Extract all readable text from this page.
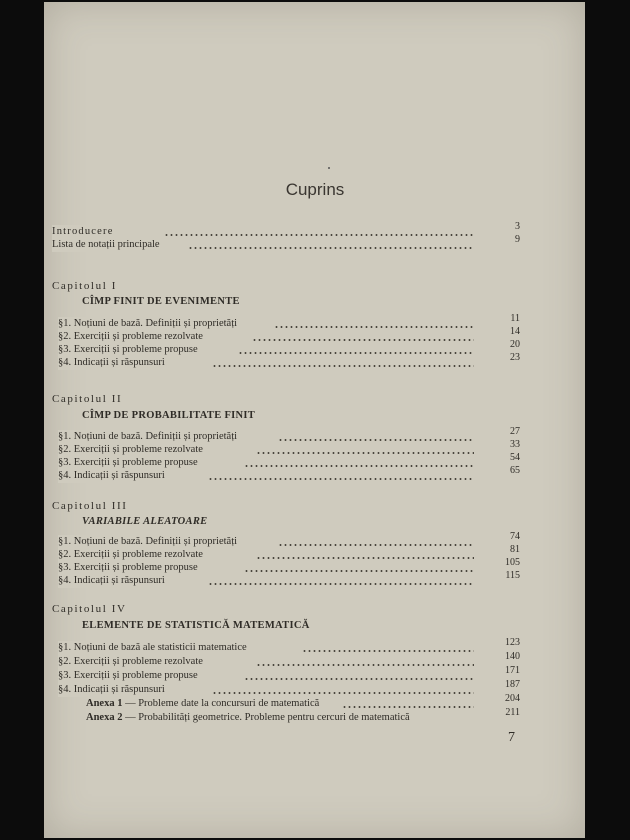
Cuprins
Introducere	3
Lista de notații principale	9
Capitolul I
CÎMP FINIT DE EVENIMENTE
§1. Noțiuni de bază. Definiții și proprietăți	11
§2. Exerciții și probleme rezolvate	14
§3. Exerciții și probleme propuse	20
§4. Indicații și răspunsuri	23
Capitolul II
CÎMP DE PROBABILITATE FINIT
§1. Noțiuni de bază. Definiții și proprietăți	27
§2. Exerciții și probleme rezolvate	33
§3. Exerciții și probleme propuse	54
§4. Indicații și răspunsuri	65
Capitolul III
VARIABILE ALEATOARE
§1. Noțiuni de bază. Definiții și proprietăți	74
§2. Exerciții și probleme rezolvate	81
§3. Exerciții și probleme propuse	105
§4. Indicații și răspunsuri	115
Capitolul IV
ELEMENTE DE STATISTICĂ MATEMATICĂ
§1. Noțiuni de bază ale statisticii matematice	123
§2. Exerciții și probleme rezolvate	140
§3. Exerciții și probleme propuse	171
§4. Indicații și răspunsuri	187
Anexa 1 — Probleme date la concursuri de matematică	204
Anexa 2 — Probabilități geometrice. Probleme pentru cercuri de matematică	211
7
